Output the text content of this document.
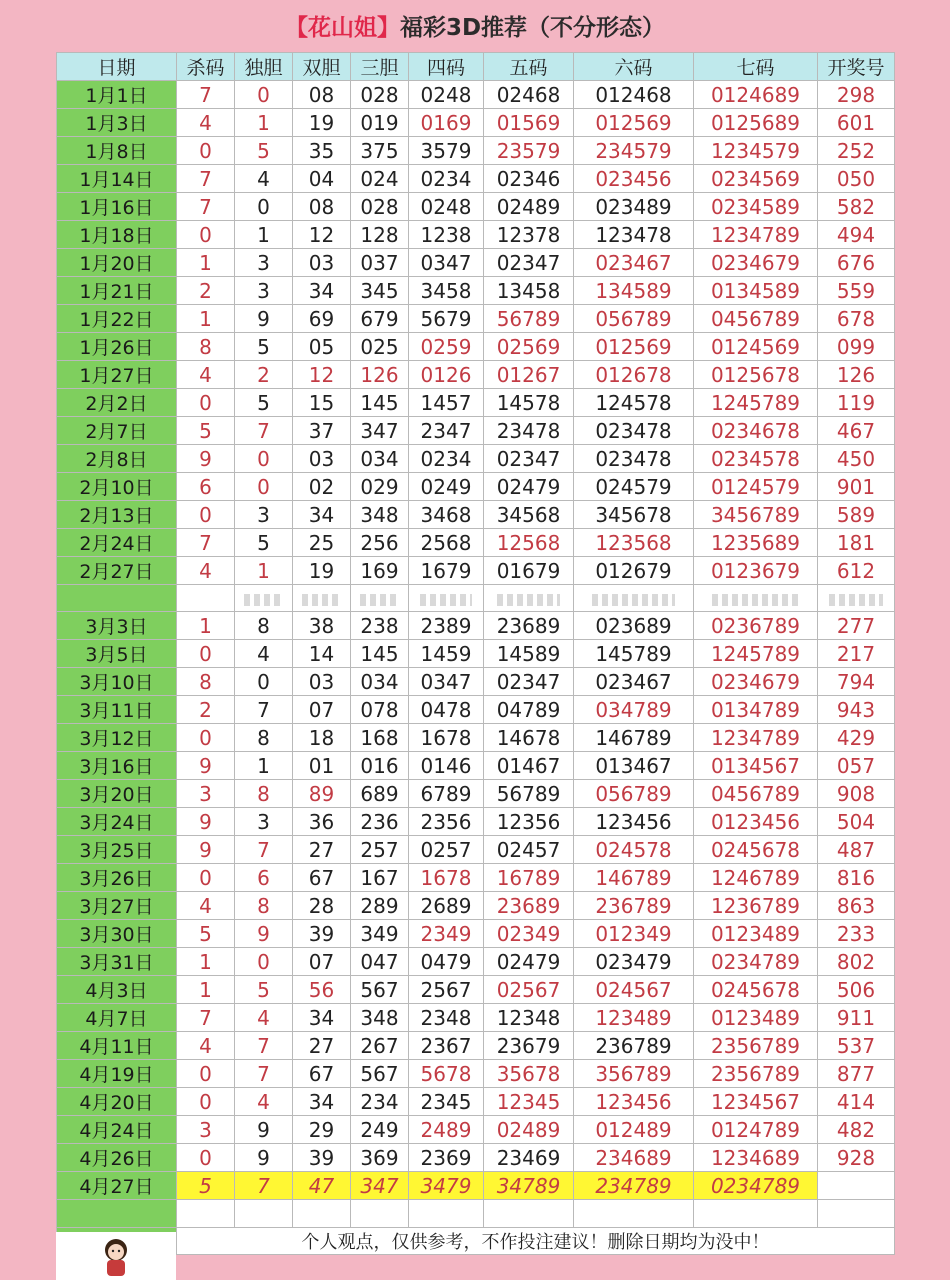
【花山姐】 福彩3D推荐（不分形态）
日期	杀码	独胆	双胆	三胆	四码	五码	六码	七码	开奖号
1月1日	7	0	08	028	0248	02468	012468	0124689	298
1月3日	4	1	19	019	0169	01569	012569	0125689	601
1月8日	0	5	35	375	3579	23579	234579	1234579	252
1月14日	7	4	04	024	0234	02346	023456	0234569	050
1月16日	7	0	08	028	0248	02489	023489	0234589	582
1月18日	0	1	12	128	1238	12378	123478	1234789	494
1月20日	1	3	03	037	0347	02347	023467	0234679	676
1月21日	2	3	34	345	3458	13458	134589	0134589	559
1月22日	1	9	69	679	5679	56789	056789	0456789	678
1月26日	8	5	05	025	0259	02569	012569	0124569	099
1月27日	4	2	12	126	0126	01267	012678	0125678	126
2月2日	0	5	15	145	1457	14578	124578	1245789	119
2月7日	5	7	37	347	2347	23478	023478	0234678	467
2月8日	9	0	03	034	0234	02347	023478	0234578	450
2月10日	6	0	02	029	0249	02479	024579	0124579	901
2月13日	0	3	34	348	3468	34568	345678	3456789	589
2月24日	7	5	25	256	2568	12568	123568	1235689	181
2月27日	4	1	19	169	1679	01679	012679	0123679	612

3月3日	1	8	38	238	2389	23689	023689	0236789	277
3月5日	0	4	14	145	1459	14589	145789	1245789	217
3月10日	8	0	03	034	0347	02347	023467	0234679	794
3月11日	2	7	07	078	0478	04789	034789	0134789	943
3月12日	0	8	18	168	1678	14678	146789	1234789	429
3月16日	9	1	01	016	0146	01467	013467	0134567	057
3月20日	3	8	89	689	6789	56789	056789	0456789	908
3月24日	9	3	36	236	2356	12356	123456	0123456	504
3月25日	9	7	27	257	0257	02457	024578	0245678	487
3月26日	0	6	67	167	1678	16789	146789	1246789	816
3月27日	4	8	28	289	2689	23689	236789	1236789	863
3月30日	5	9	39	349	2349	02349	012349	0123489	233
3月31日	1	0	07	047	0479	02479	023479	0234789	802
4月3日	1	5	56	567	2567	02567	024567	0245678	506
4月7日	7	4	34	348	2348	12348	123489	0123489	911
4月11日	4	7	27	267	2367	23679	236789	2356789	537
4月19日	0	7	67	567	5678	35678	356789	2356789	877
4月20日	0	4	34	234	2345	12345	123456	1234567	414
4月24日	3	9	29	249	2489	02489	012489	0124789	482
4月26日	0	9	39	369	2369	23469	234689	1234689	928
4月27日	5	7	47	347	3479	34789	234789	0234789	

	个人观点，仅供参考，不作投注建议！删除日期均为没中！								
